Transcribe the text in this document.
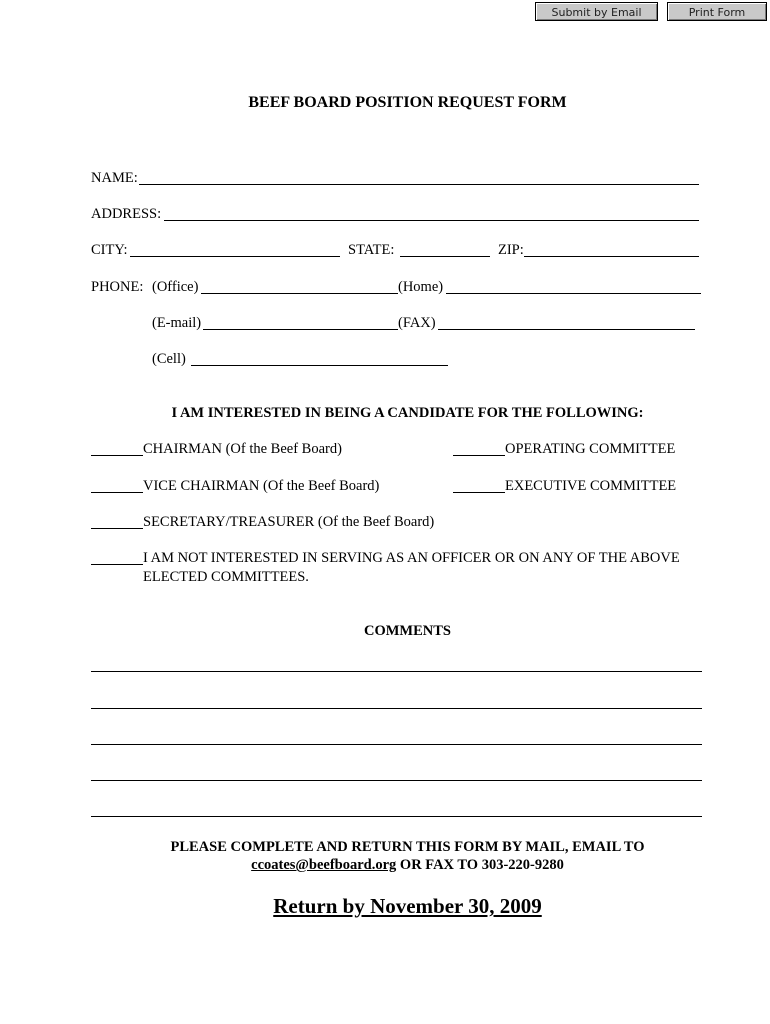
Submit by Email	Print Form
BEEF BOARD POSITION REQUEST FORM
NAME:
ADDRESS:
CITY:	STATE:	ZIP:
PHONE: (Office)	(Home)
(E-mail)	(FAX)
(Cell)
I AM INTERESTED IN BEING A CANDIDATE FOR THE FOLLOWING:
CHAIRMAN (Of the Beef Board)	OPERATING COMMITTEE
VICE CHAIRMAN (Of the Beef Board)	EXECUTIVE COMMITTEE
SECRETARY/TREASURER (Of the Beef Board)
I AM NOT INTERESTED IN SERVING AS AN OFFICER OR ON ANY OF THE ABOVE
ELECTED COMMITTEES.
COMMENTS
PLEASE COMPLETE AND RETURN THIS FORM BY MAIL, EMAIL TO
ccoates@beefboard.org OR FAX TO 303-220-9280
Return by November 30, 2009
